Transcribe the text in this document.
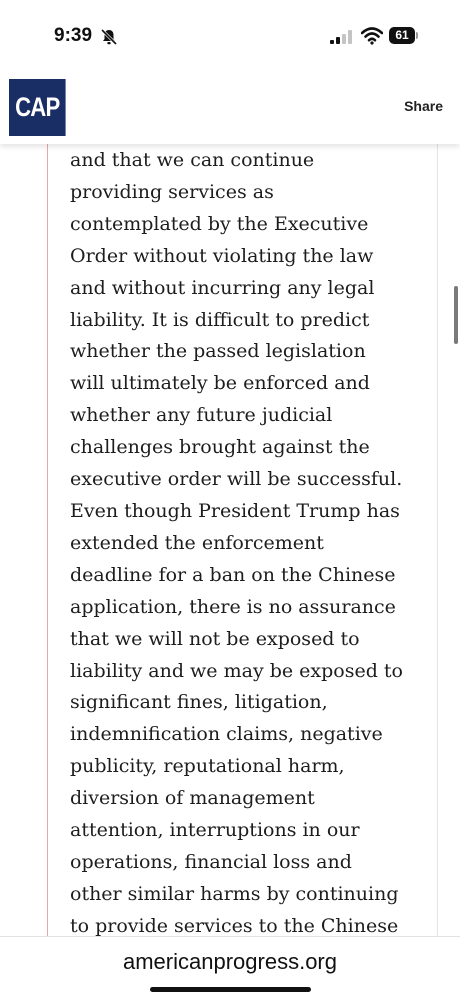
9:39	61
CAP	Share

and that we can continue
providing services as
contemplated by the Executive
Order without violating the law
and without incurring any legal
liability. It is difficult to predict
whether the passed legislation
will ultimately be enforced and
whether any future judicial
challenges brought against the
executive order will be successful.
Even though President Trump has
extended the enforcement
deadline for a ban on the Chinese
application, there is no assurance
that we will not be exposed to
liability and we may be exposed to
significant fines, litigation,
indemnification claims, negative
publicity, reputational harm,
diversion of management
attention, interruptions in our
operations, financial loss and
other similar harms by continuing
to provide services to the Chinese

americanprogress.org
